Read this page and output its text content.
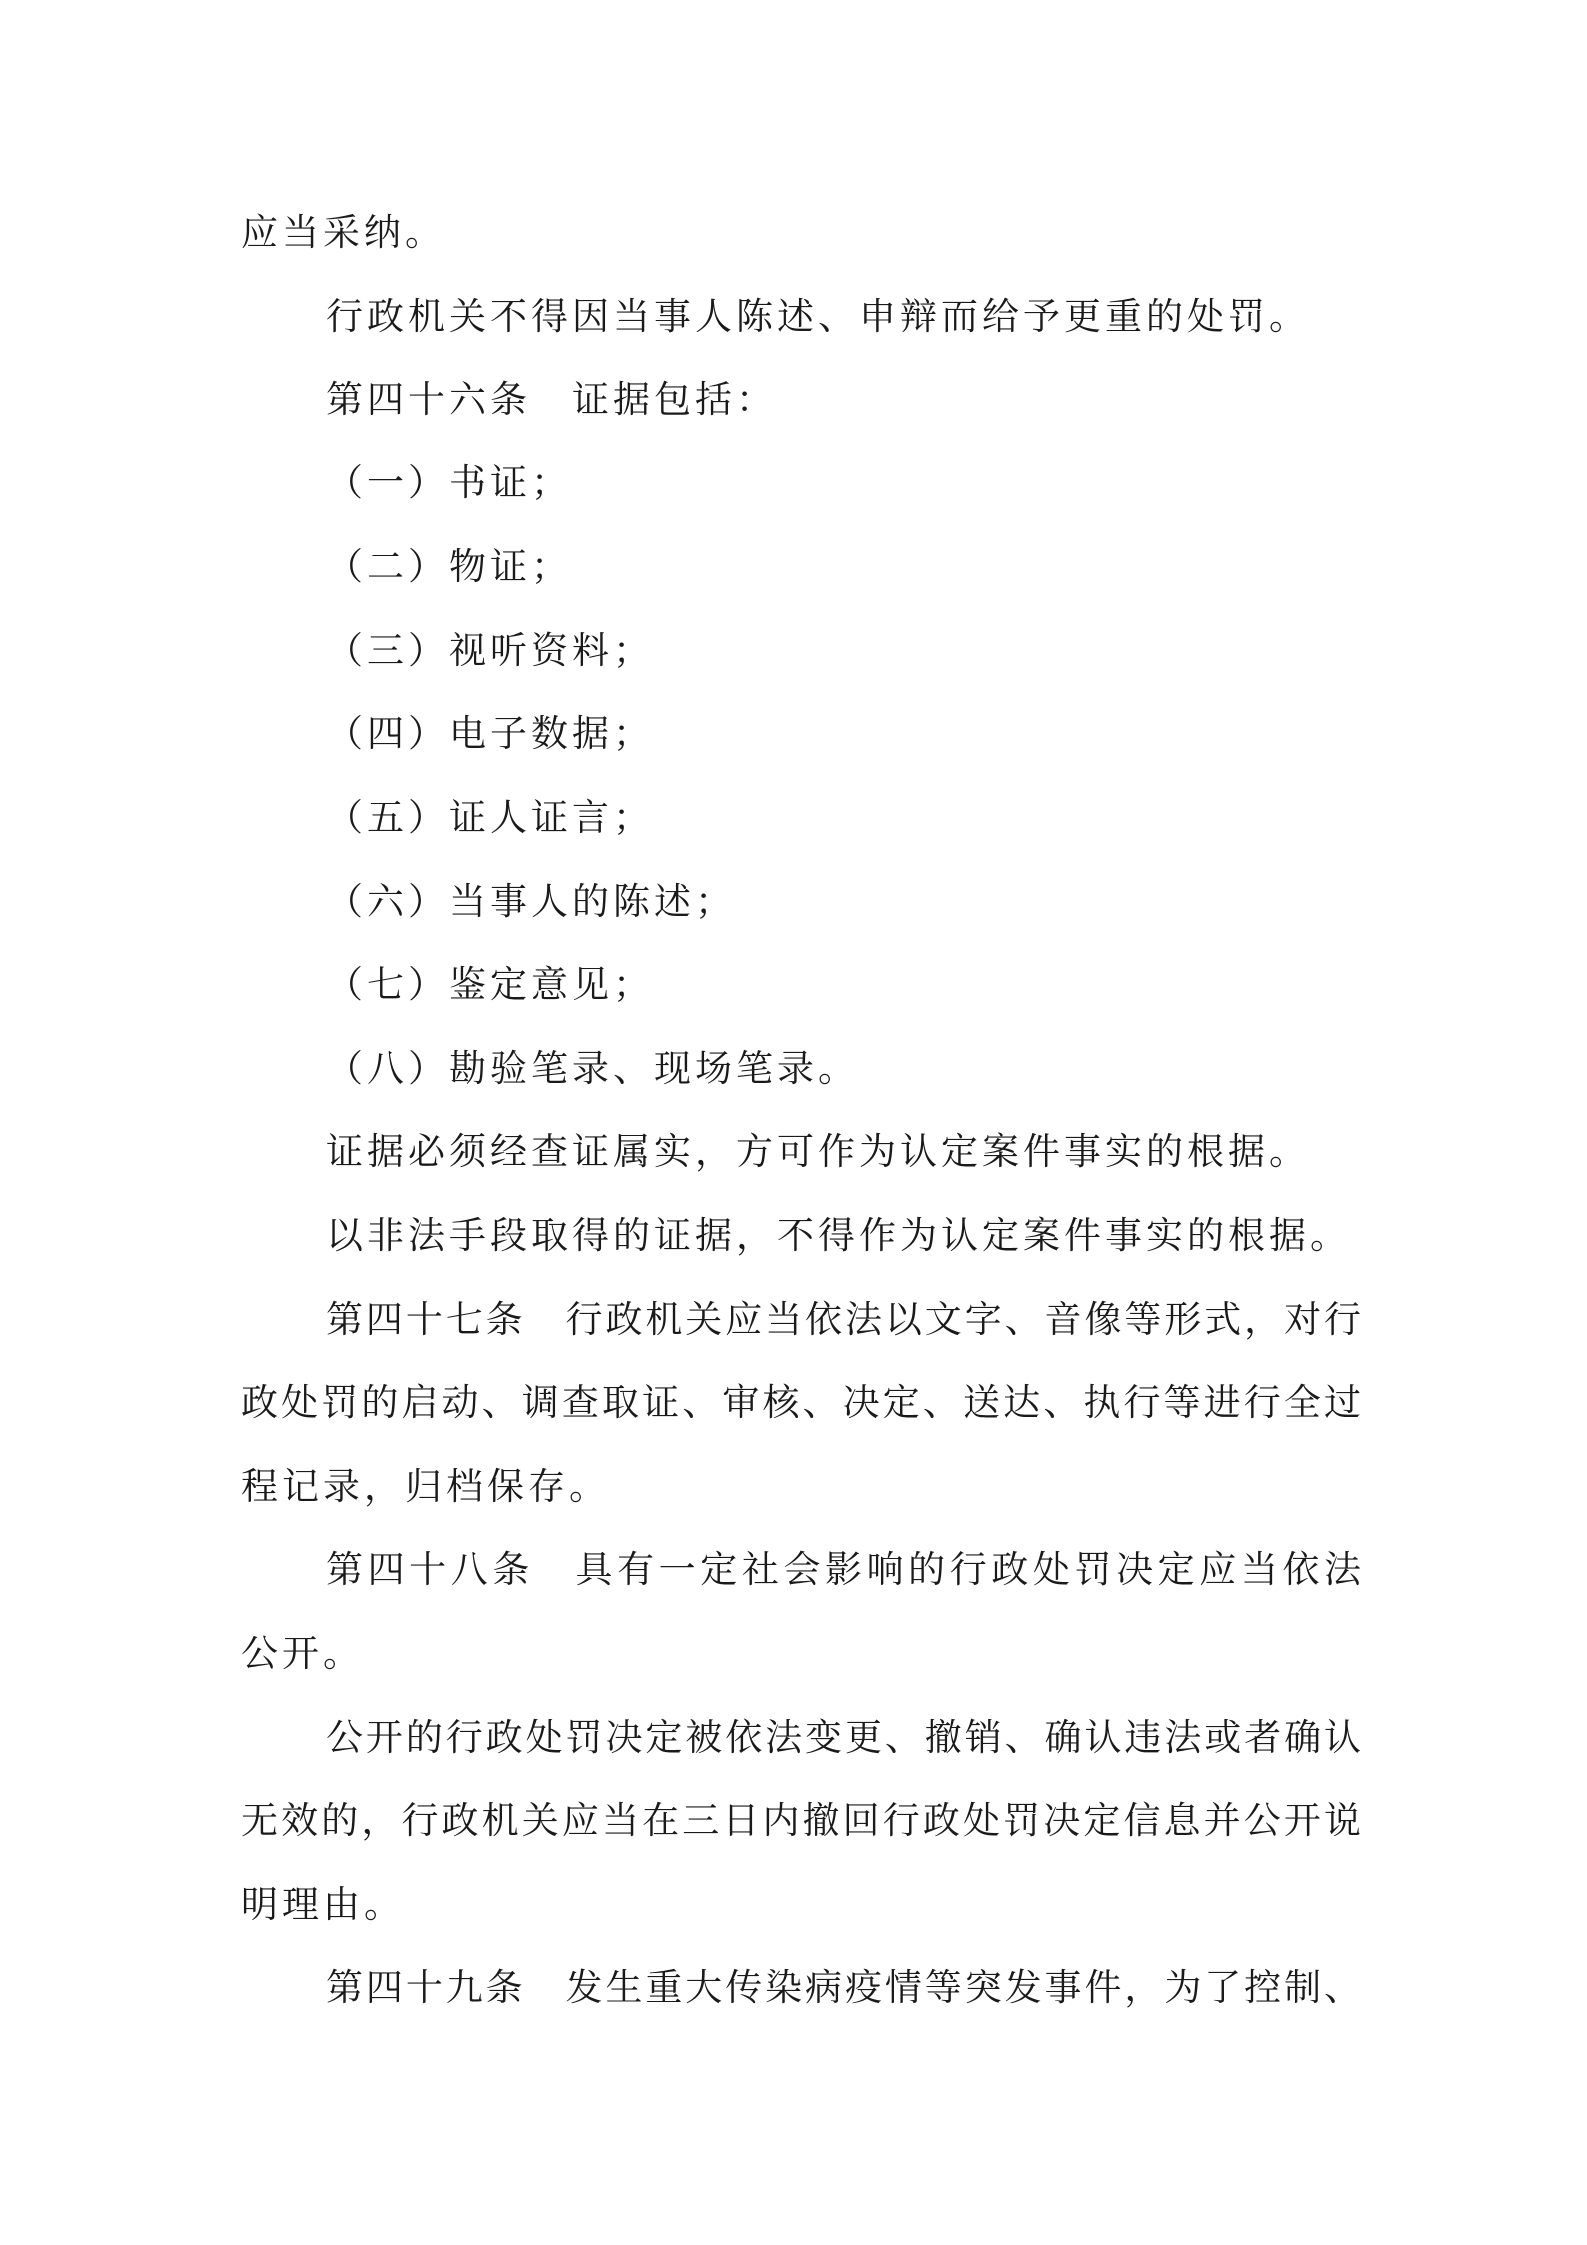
应当采纳。
行政机关不得因当事人陈述、申辩而给予更重的处罚。
第四十六条　证据包括：
（一）书证；
（二）物证；
（三）视听资料；
（四）电子数据；
（五）证人证言；
（六）当事人的陈述；
（七）鉴定意见；
（八）勘验笔录、现场笔录。
证据必须经查证属实，方可作为认定案件事实的根据。
以非法手段取得的证据，不得作为认定案件事实的根据。
第四十七条　行政机关应当依法以文字、音像等形式，对行
政处罚的启动、调查取证、审核、决定、送达、执行等进行全过
程记录，归档保存。
第四十八条　具有一定社会影响的行政处罚决定应当依法
公开。
公开的行政处罚决定被依法变更、撤销、确认违法或者确认
无效的，行政机关应当在三日内撤回行政处罚决定信息并公开说
明理由。
第四十九条　发生重大传染病疫情等突发事件，为了控制、
